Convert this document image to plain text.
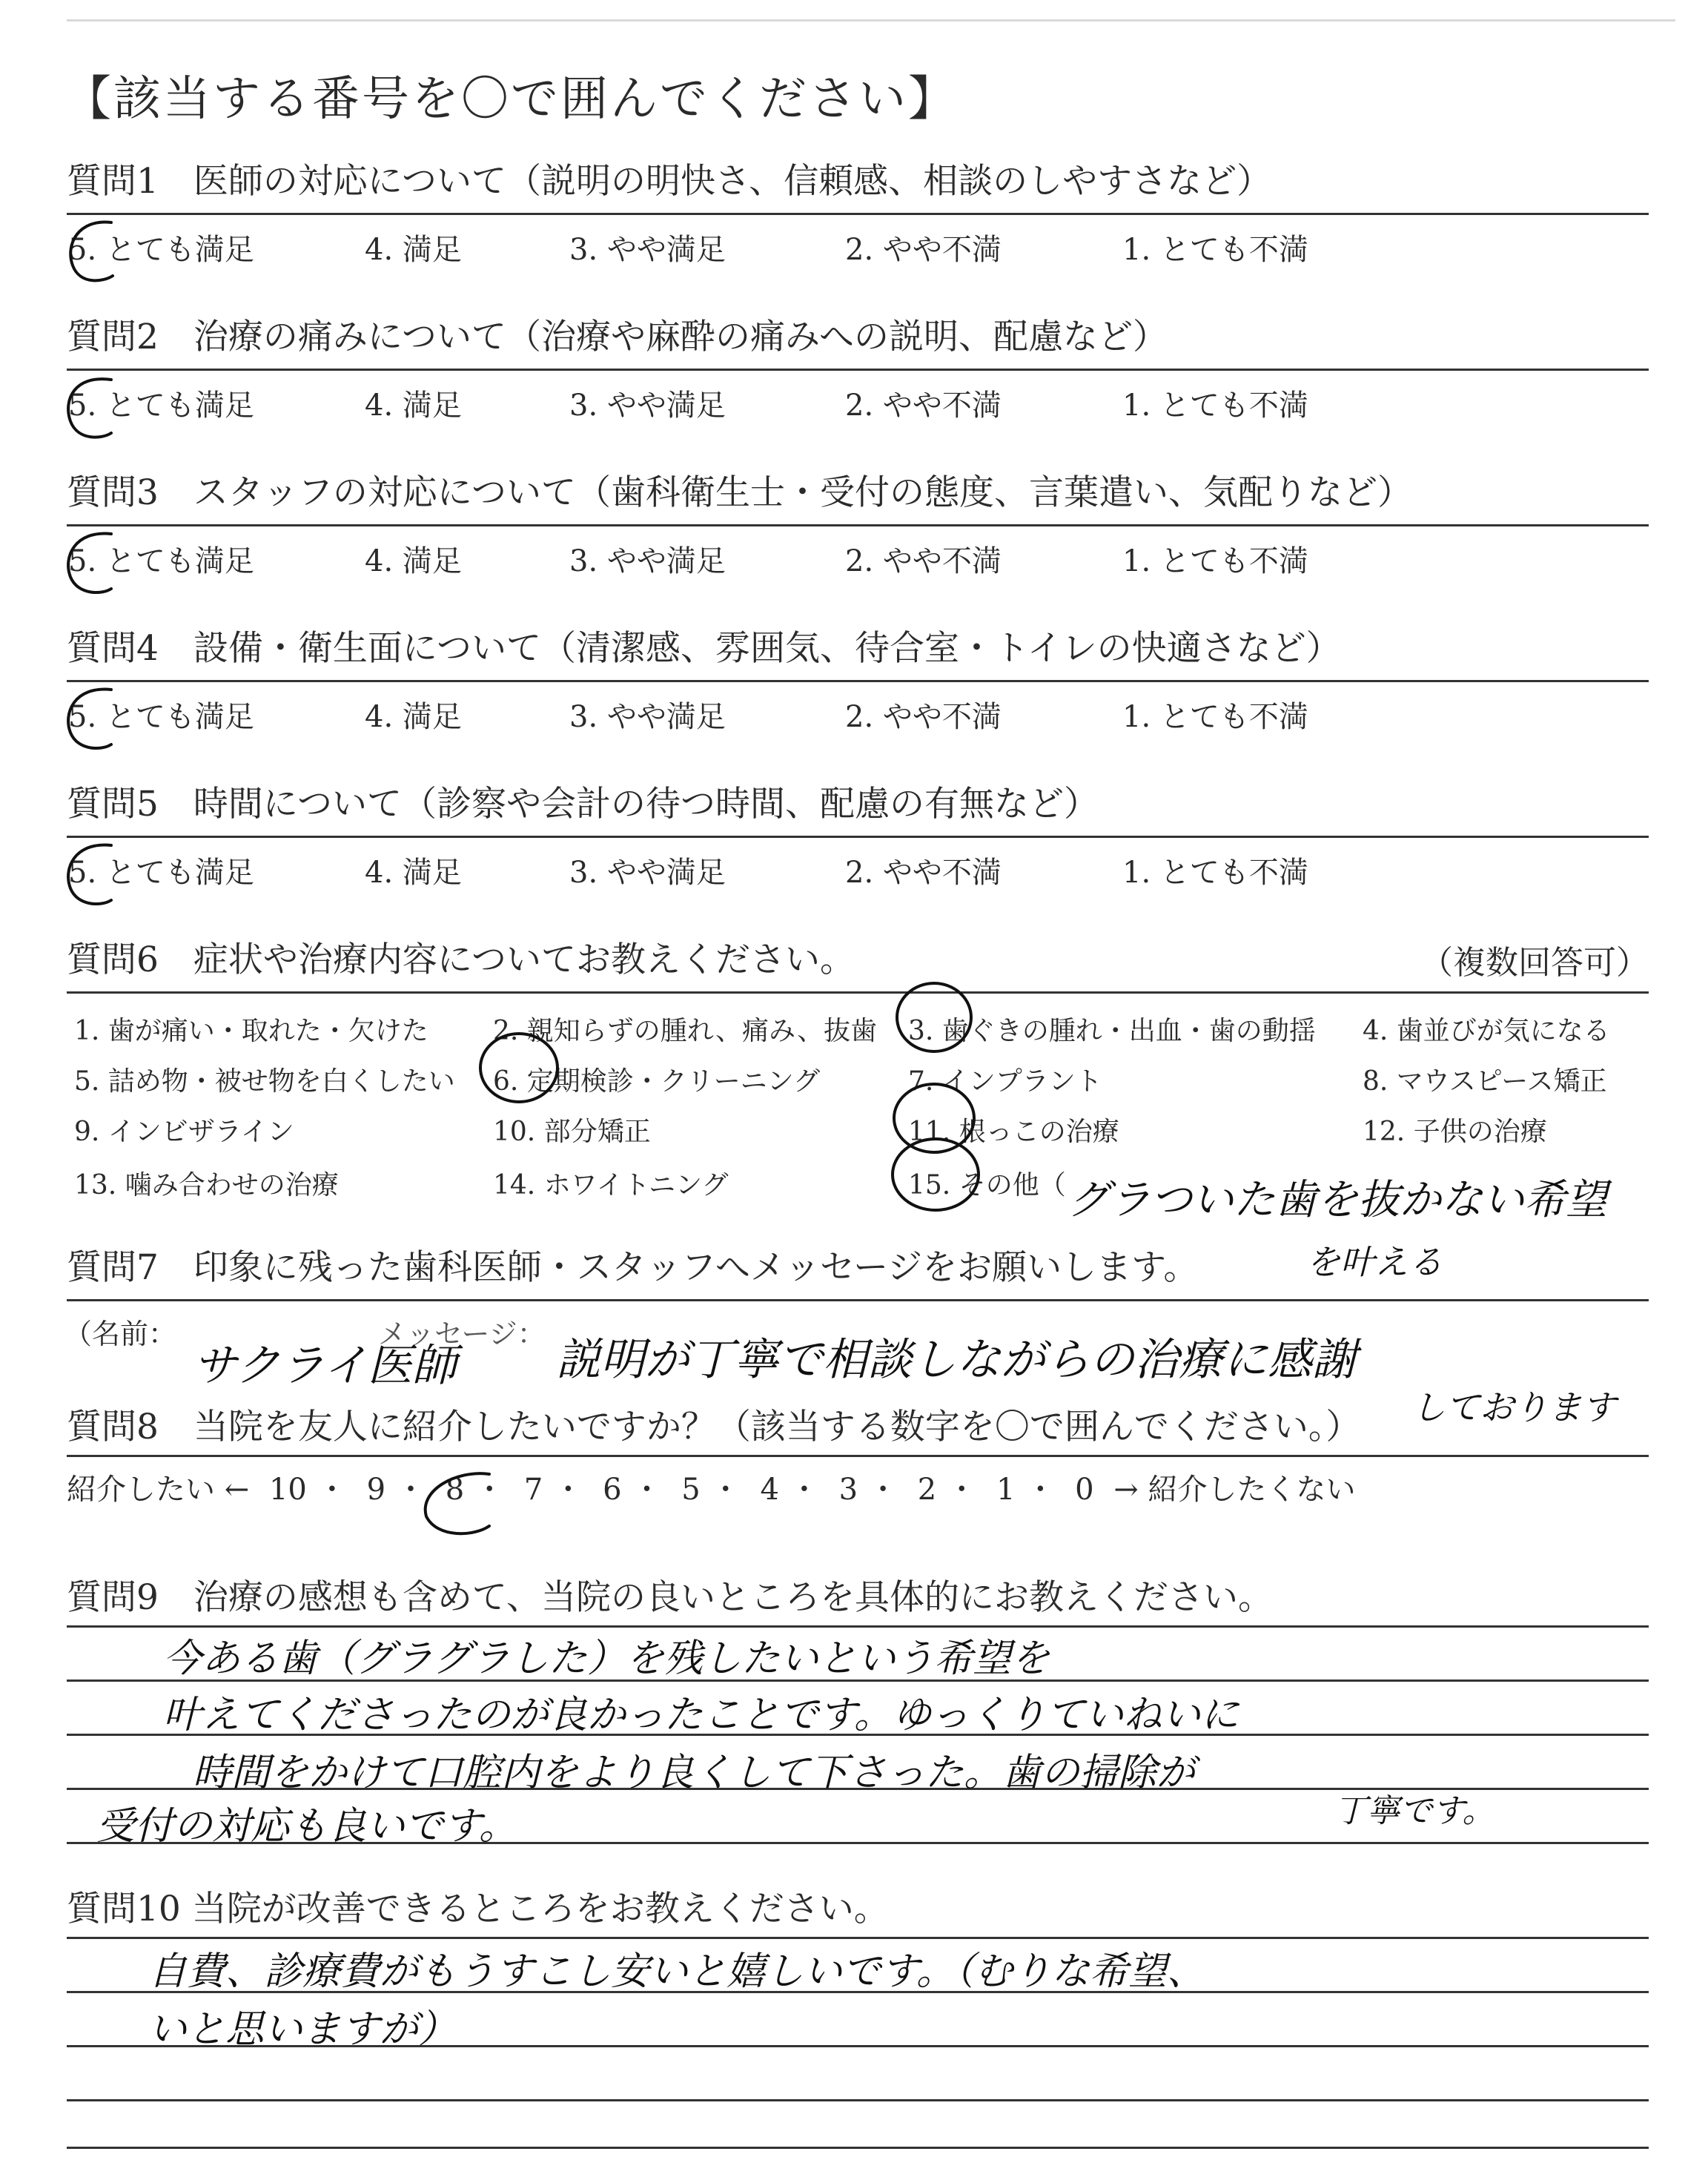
【該当する番号を〇で囲んでください】
質問1　医師の対応について（説明の明快さ、信頼感、相談のしやすさなど）
5. とても満足	4. 満足	3. やや満足	2. やや不満	1. とても不満
質問2　治療の痛みについて（治療や麻酔の痛みへの説明、配慮など）
5. とても満足	4. 満足	3. やや満足	2. やや不満	1. とても不満
質問3　スタッフの対応について（歯科衛生士・受付の態度、言葉遣い、気配りなど）
5. とても満足	4. 満足	3. やや満足	2. やや不満	1. とても不満
質問4　設備・衛生面について（清潔感、雰囲気、待合室・トイレの快適さなど）
5. とても満足	4. 満足	3. やや満足	2. やや不満	1. とても不満
質問5　時間について（診察や会計の待つ時間、配慮の有無など）
5. とても満足	4. 満足	3. やや満足	2. やや不満	1. とても不満
質問6　症状や治療内容についてお教えください。	（複数回答可）
1. 歯が痛い・取れた・欠けた 2. 親知らずの腫れ、痛み、抜歯 3. 歯ぐきの腫れ・出血・歯の動揺 4. 歯並びが気になる
5. 詰め物・被せ物を白くしたい 6. 定期検診・クリーニング	7. インプラント	8. マウスピース矯正
9. インビザライン	10. 部分矯正	11. 根っこの治療	12. 子供の治療
13. 噛み合わせの治療	14. ホワイトニング	15. その他（ グラついた歯を抜かない希望
を叶える
質問7　印象に残った歯科医師・スタッフへメッセージをお願いします。
（名前：	メッセージ：
サクライ医師 説明が丁寧で相談しながらの治療に感謝
しております
質問8　当院を友人に紹介したいですか？（該当する数字を〇で囲んでください。）
紹介したい ← 10 ・ 9 ・ 8 ・ 7 ・ 6 ・ 5 ・ 4 ・ 3 ・ 2 ・ 1 ・ 0 → 紹介したくない
質問9　治療の感想も含めて、当院の良いところを具体的にお教えください。
今ある歯（グラグラした）を残したいという希望を
叶えてくださったのが良かったことです。ゆっくりていねいに
時間をかけて口腔内をより良くして下さった。歯の掃除が
受付の対応も良いです。	丁寧です。
質問10 当院が改善できるところをお教えください。
自費、診療費がもうすこし安いと嬉しいです。（むりな希望、
いと思いますが）
